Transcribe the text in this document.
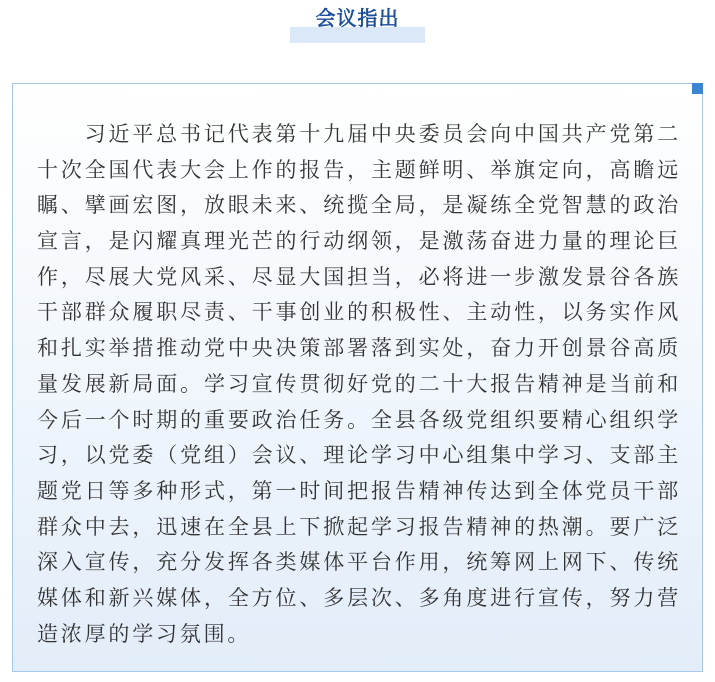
会议指出
习近平总书记代表第十九届中央委员会向中国共产党第二
十次全国代表大会上作的报告，主题鲜明、举旗定向，高瞻远
瞩、擘画宏图，放眼未来、统揽全局，是凝练全党智慧的政治
宣言，是闪耀真理光芒的行动纲领，是激荡奋进力量的理论巨
作，尽展大党风采、尽显大国担当，必将进一步激发景谷各族
干部群众履职尽责、干事创业的积极性、主动性，以务实作风
和扎实举措推动党中央决策部署落到实处，奋力开创景谷高质
量发展新局面。学习宣传贯彻好党的二十大报告精神是当前和
今后一个时期的重要政治任务。全县各级党组织要精心组织学
习，以党委（党组）会议、理论学习中心组集中学习、支部主
题党日等多种形式，第一时间把报告精神传达到全体党员干部
群众中去，迅速在全县上下掀起学习报告精神的热潮。要广泛
深入宣传，充分发挥各类媒体平台作用，统筹网上网下、传统
媒体和新兴媒体，全方位、多层次、多角度进行宣传，努力营
造浓厚的学习氛围。
